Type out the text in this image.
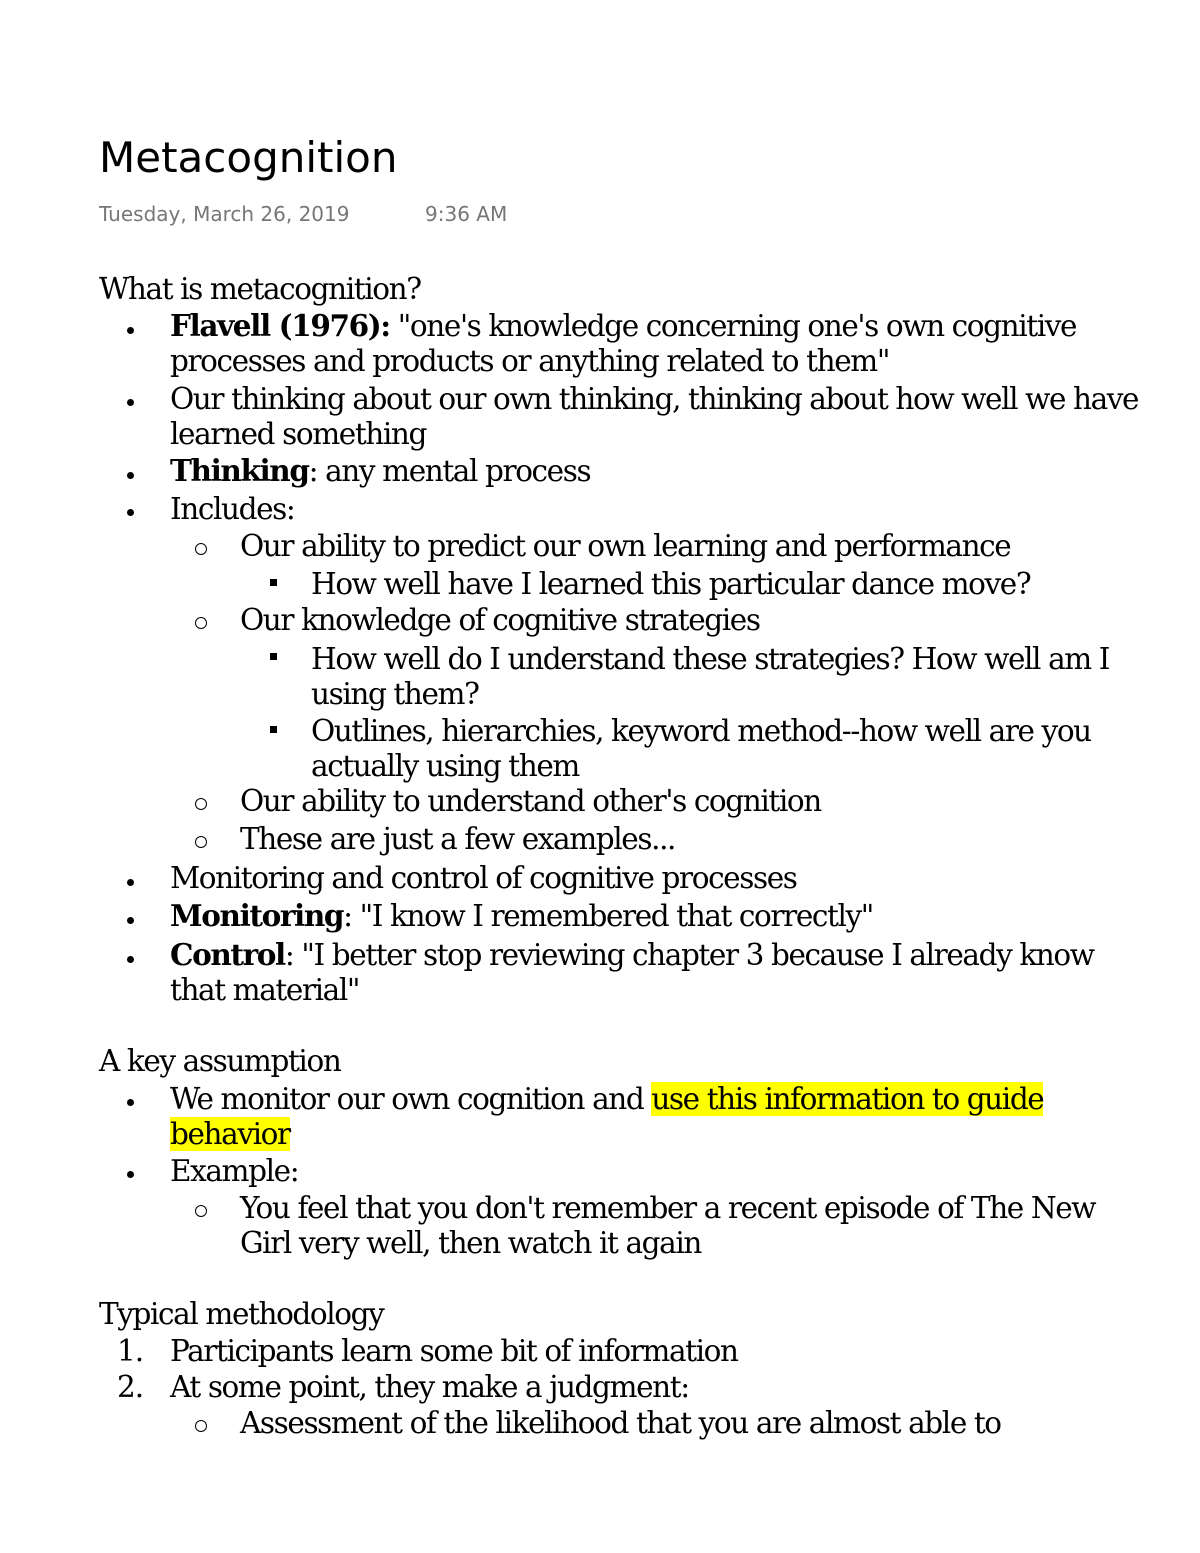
Metacognition
Tuesday, March 26, 2019	9:36 AM
What is metacognition?
Flavell (1976): "one's knowledge concerning one's own cognitive
processes and products or anything related to them"
Our thinking about our own thinking, thinking about how well we have
learned something
Thinking: any mental process
Includes:
Our ability to predict our own learning and performance
How well have I learned this particular dance move?
Our knowledge of cognitive strategies
How well do I understand these strategies? How well am I
using them?
Outlines, hierarchies, keyword method--how well are you
actually using them
Our ability to understand other's cognition
These are just a few examples...
Monitoring and control of cognitive processes
Monitoring: "I know I remembered that correctly"
Control: "I better stop reviewing chapter 3 because I already know
that material"
A key assumption
We monitor our own cognition and use this information to guide
behavior
Example:
You feel that you don't remember a recent episode of The New
Girl very well, then watch it again
Typical methodology
1. Participants learn some bit of information
2. At some point, they make a judgment:
Assessment of the likelihood that you are almost able to
